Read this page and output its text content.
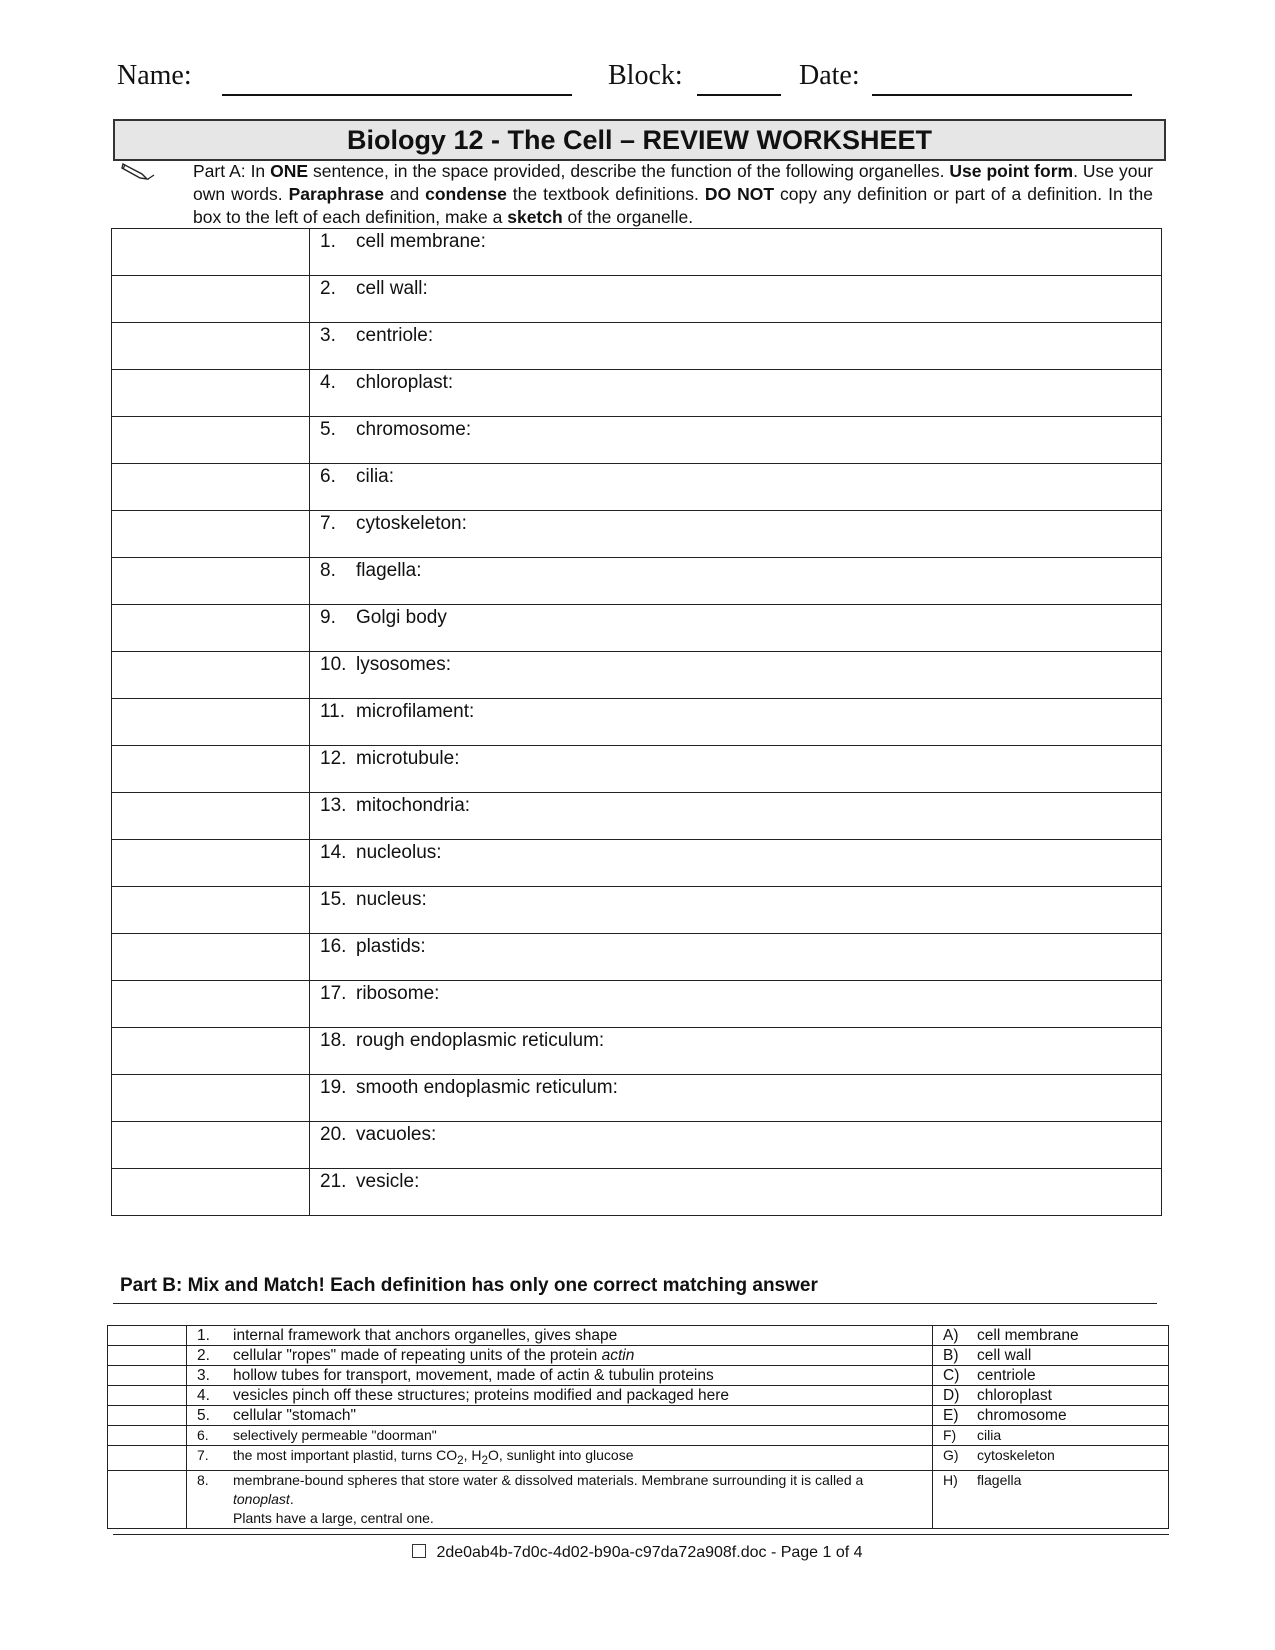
Name:	Block:	Date:
Biology 12 - The Cell – REVIEW WORKSHEET
Part A: In ONE sentence, in the space provided, describe the function of the following organelles. Use point form. Use your own words. Paraphrase and condense the textbook definitions. DO NOT copy any definition or part of a definition. In the box to the left of each definition, make a sketch of the organelle.

	1. cell membrane:

	2. cell wall:

	3. centriole:

	4. chloroplast:

	5. chromosome:

	6. cilia:

	7. cytoskeleton:

	8. flagella:

	9. Golgi body

	10. lysosomes:

	11. microfilament:

	12. microtubule:

	13. mitochondria:

	14. nucleolus:

	15. nucleus:

	16. plastids:

	17. ribosome:

	18. rough endoplasmic reticulum:

	19. smooth endoplasmic reticulum:

	20. vacuoles:

	21. vesicle:
Part B: Mix and Match! Each definition has only one correct matching answer
	1. internal framework that anchors organelles, gives shape	A) cell membrane
	2. cellular "ropes" made of repeating units of the protein actin	B) cell wall
	3. hollow tubes for transport, movement, made of actin & tubulin proteins	C) centriole
	4. vesicles pinch off these structures; proteins modified and packaged here	D) chloroplast
	5. cellular "stomach"	E) chromosome
	6. selectively permeable "doorman"	F) cilia
	7. the most important plastid, turns $CO_2$, $H_2O$, sunlight into glucose	G) cytoskeleton
	8. membrane-bound spheres that store water & dissolved materials. Membrane surrounding it is called a tonoplast.
Plants have a large, central one.	H) flagella
2de0ab4b-7d0c-4d02-b90a-c97da72a908f.doc - Page 1 of 4
